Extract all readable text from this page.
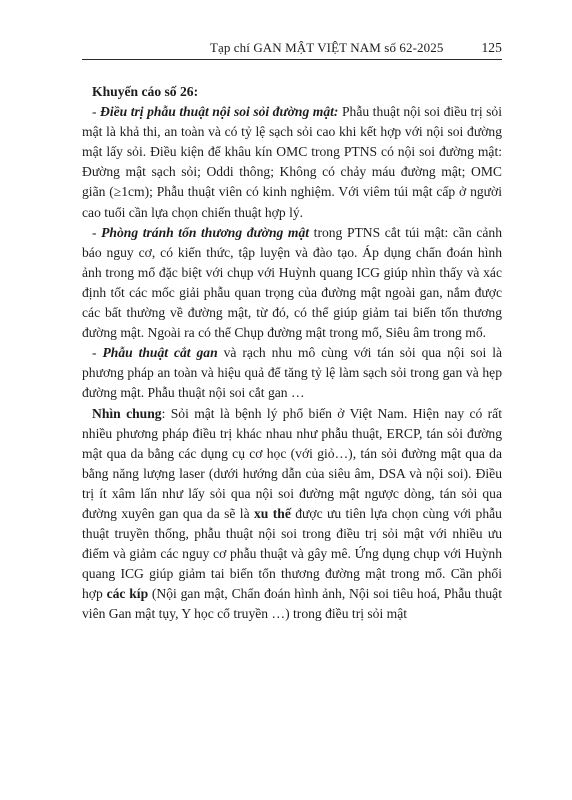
Tạp chí GAN MẬT VIỆT NAM số 62-2025	125

Khuyến cáo số 26:

- Điều trị phẫu thuật nội soi sỏi đường mật: Phẫu thuật nội soi điều trị sỏi mật là khả thi, an toàn và có tỷ lệ sạch sỏi cao khi kết hợp với nội soi đường mật lấy sỏi. Điều kiện để khâu kín OMC trong PTNS có nội soi đường mật: Đường mật sạch sỏi; Oddi thông; Không có chảy máu đường mật; OMC giãn (≥1cm); Phẫu thuật viên có kinh nghiệm. Với viêm túi mật cấp ở người cao tuổi cần lựa chọn chiến thuật hợp lý.

- Phòng tránh tổn thương đường mật trong PTNS cắt túi mật: cần cảnh báo nguy cơ, có kiến thức, tập luyện và đào tạo. Áp dụng chẩn đoán hình ảnh trong mổ đặc biệt với chụp với Huỳnh quang ICG giúp nhìn thấy và xác định tốt các mốc giải phẫu quan trọng của đường mật ngoài gan, nắm được các bất thường về đường mật, từ đó, có thể giúp giảm tai biến tổn thương đường mật. Ngoài ra có thể Chụp đường mật trong mổ, Siêu âm trong mổ.

- Phẫu thuật cắt gan và rạch nhu mô cùng với tán sỏi qua nội soi là phương pháp an toàn và hiệu quả để tăng tỷ lệ làm sạch sỏi trong gan và hẹp đường mật. Phẫu thuật nội soi cắt gan …

Nhìn chung: Sỏi mật là bệnh lý phổ biến ở Việt Nam. Hiện nay có rất nhiều phương pháp điều trị khác nhau như phẫu thuật, ERCP, tán sỏi đường mật qua da bằng các dụng cụ cơ học (với giỏ…), tán sỏi đường mật qua da bằng năng lượng laser (dưới hướng dẫn của siêu âm, DSA và nội soi). Điều trị ít xâm lấn như lấy sỏi qua nội soi đường mật ngược dòng, tán sỏi qua đường xuyên gan qua da sẽ là xu thế được ưu tiên lựa chọn cùng với phẫu thuật truyền thống, phẫu thuật nội soi trong điều trị sỏi mật với nhiều ưu điểm và giảm các nguy cơ phẫu thuật và gây mê. Ứng dụng chụp với Huỳnh quang ICG giúp giảm tai biến tổn thương đường mật trong mổ. Cần phối hợp các kíp (Nội gan mật, Chẩn đoán hình ảnh, Nội soi tiêu hoá, Phẫu thuật viên Gan mật tụy, Y học cổ truyền …) trong điều trị sỏi mật
